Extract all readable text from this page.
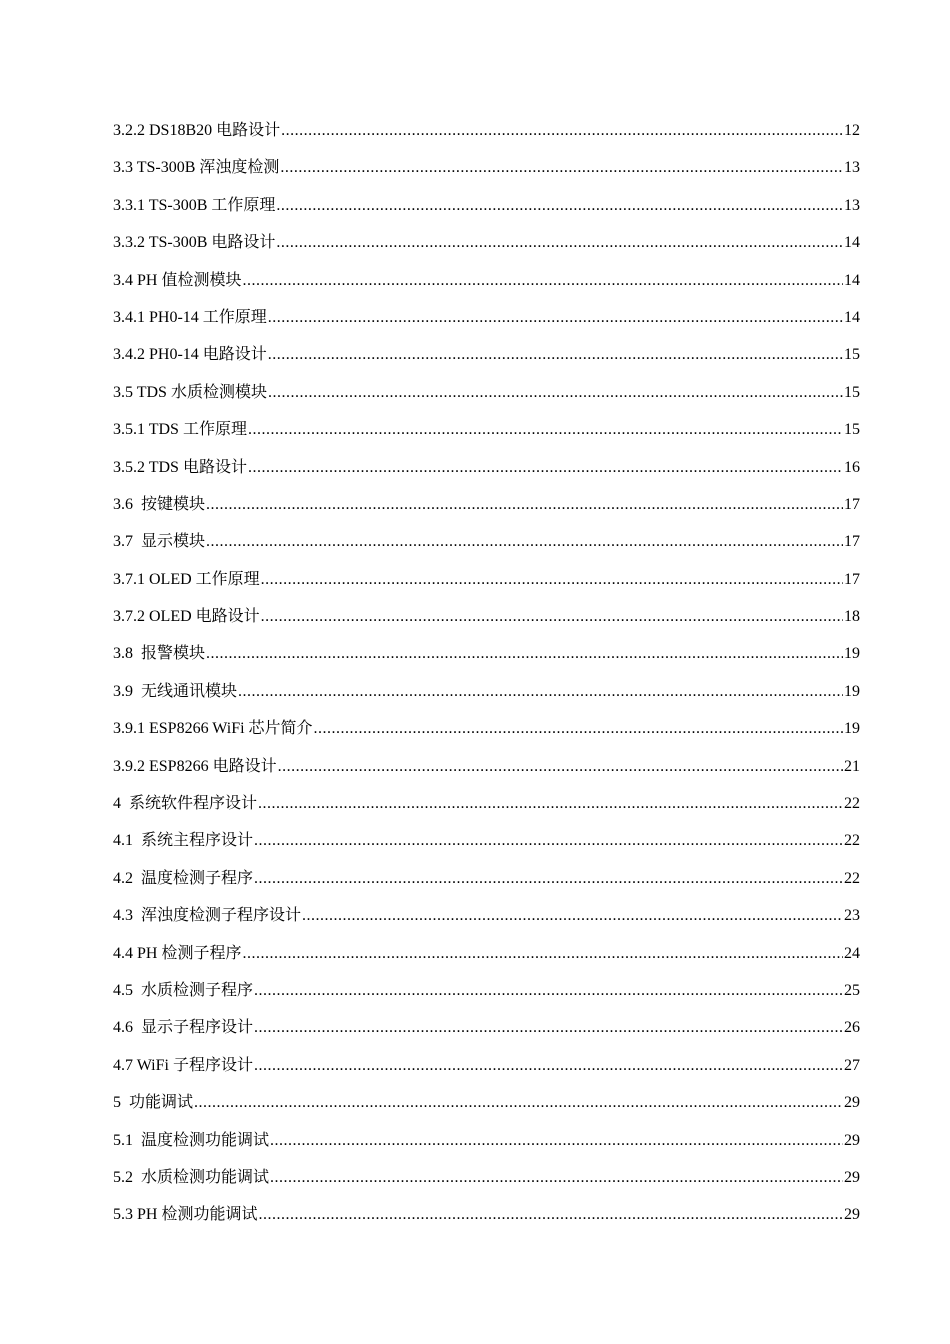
3.2.2 DS18B20 电路设计 .....	12
3.3 TS-300B 浑浊度检测 .....	13
3.3.1 TS-300B 工作原理 .....	13
3.3.2 TS-300B 电路设计 .....	14
3.4 PH 值检测模块 .....	14
3.4.1 PH0-14 工作原理 .....	14
3.4.2 PH0-14 电路设计 .....	15
3.5 TDS 水质检测模块 .....	15
3.5.1 TDS 工作原理 .....	15
3.5.2 TDS 电路设计 .....	16
3.6  按键模块 .....	17
3.7  显示模块 .....	17
3.7.1 OLED 工作原理 .....	17
3.7.2 OLED 电路设计 .....	18
3.8  报警模块 .....	19
3.9  无线通讯模块 .....	19
3.9.1 ESP8266 WiFi 芯片简介 .....	19
3.9.2 ESP8266 电路设计 .....	21
4  系统软件程序设计 .....	22
4.1  系统主程序设计 .....	22
4.2  温度检测子程序 .....	22
4.3  浑浊度检测子程序设计 .....	23
4.4 PH 检测子程序 .....	24
4.5  水质检测子程序 .....	25
4.6  显示子程序设计 .....	26
4.7 WiFi 子程序设计 .....	27
5  功能调试 .....	29
5.1  温度检测功能调试 .....	29
5.2  水质检测功能调试 .....	29
5.3 PH 检测功能调试 .....	29
